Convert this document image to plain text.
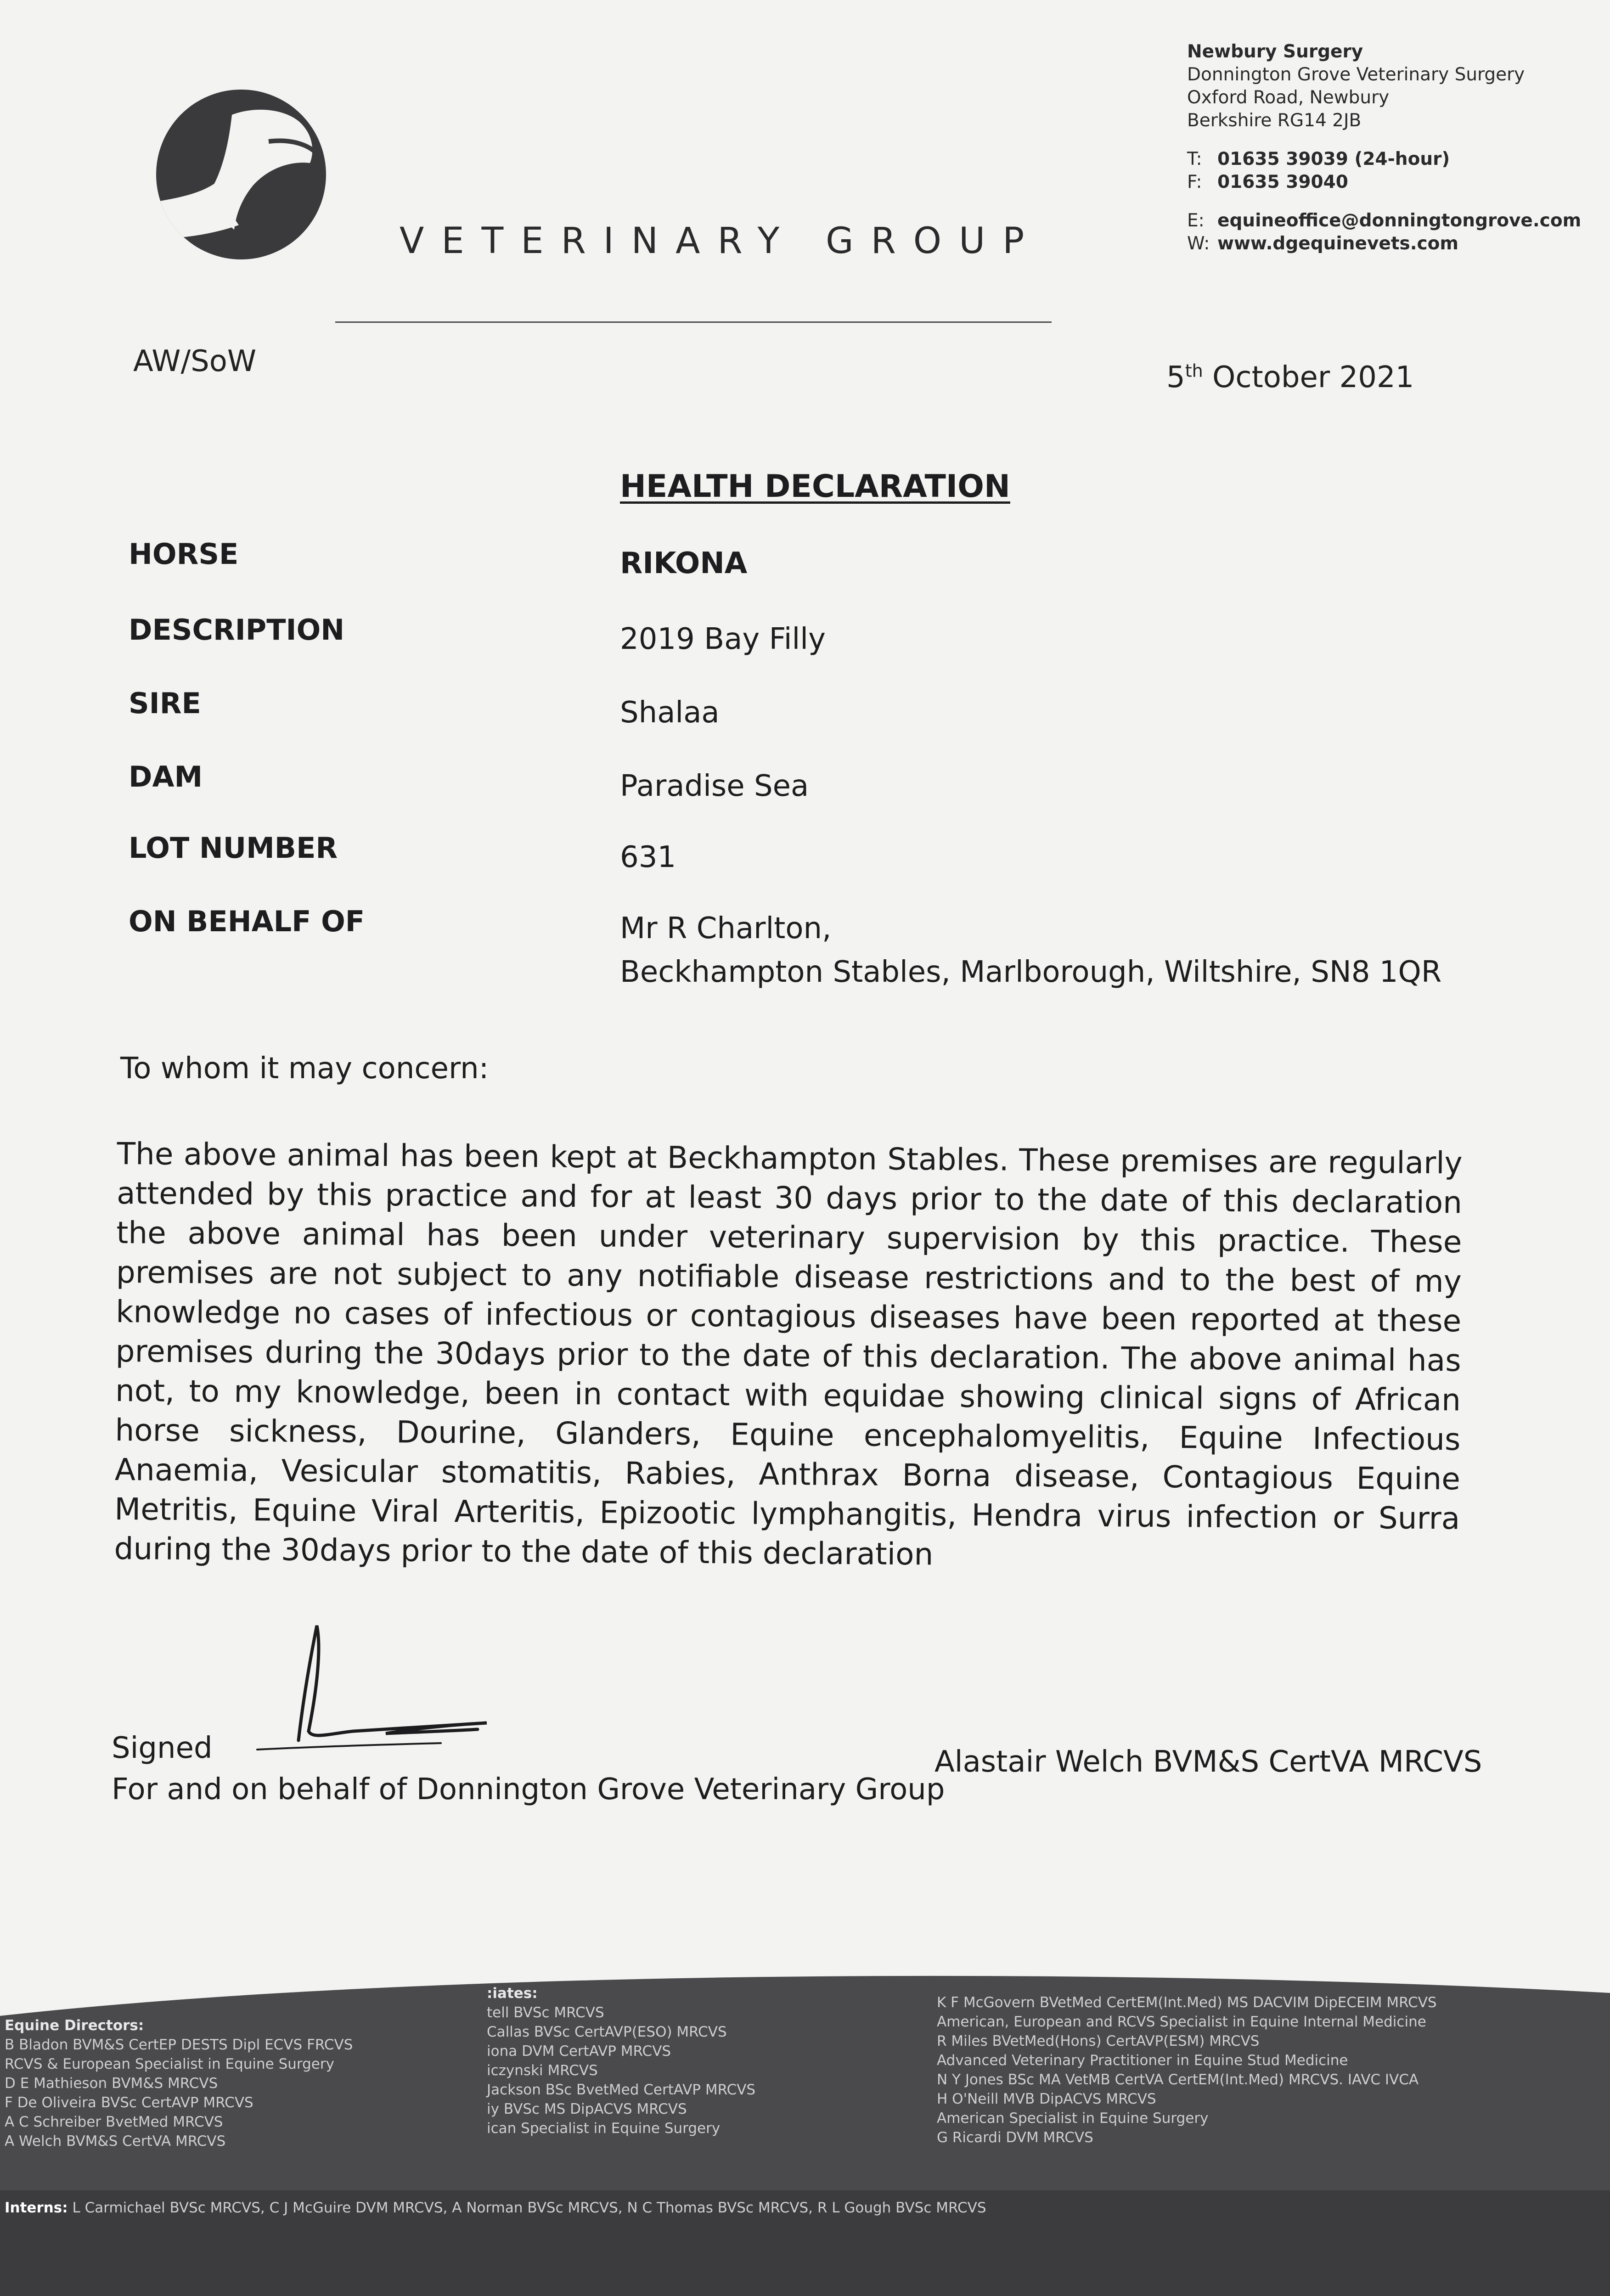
VETERINARY GROUP
Newbury Surgery
Donnington Grove Veterinary Surgery
Oxford Road, Newbury
Berkshire RG14 2JB
T: 01635 39039 (24-hour)
F: 01635 39040
E: equineoffice@donningtongrove.com
W: www.dgequinevets.com
AW/SoW	5th October 2021
HEALTH DECLARATION
HORSE	RIKONA
DESCRIPTION	2019 Bay Filly
SIRE	Shalaa
DAM	Paradise Sea
LOT NUMBER	631
ON BEHALF OF	Mr R Charlton,
Beckhampton Stables, Marlborough, Wiltshire, SN8 1QR
To whom it may concern:
The above animal has been kept at Beckhampton Stables. These premises are regularly attended by this practice and for at least 30 days prior to the date of this declaration the above animal has been under veterinary supervision by this practice. These premises are not subject to any notifiable disease restrictions and to the best of my knowledge no cases of infectious or contagious diseases have been reported at these premises during the 30days prior to the date of this declaration. The above animal has not, to my knowledge, been in contact with equidae showing clinical signs of African horse sickness, Dourine, Glanders, Equine encephalomyelitis, Equine Infectious Anaemia, Vesicular stomatitis, Rabies, Anthrax Borna disease, Contagious Equine Metritis, Equine Viral Arteritis, Epizootic lymphangitis, Hendra virus infection or Surra during the 30days prior to the date of this declaration
Signed
For and on behalf of Donnington Grove Veterinary Group
Alastair Welch BVM&S CertVA MRCVS
Equine Directors:
B Bladon BVM&S CertEP DESTS Dipl ECVS FRCVS
RCVS & European Specialist in Equine Surgery
D E Mathieson BVM&S MRCVS
F De Oliveira BVSc CertAVP MRCVS
A C Schreiber BvetMed MRCVS
A Welch BVM&S CertVA MRCVS
:iates:
tell BVSc MRCVS
Callas BVSc CertAVP(ESO) MRCVS
iona DVM CertAVP MRCVS
iczynski MRCVS
Jackson BSc BvetMed CertAVP MRCVS
iy BVSc MS DipACVS MRCVS
ican Specialist in Equine Surgery
K F McGovern BVetMed CertEM(Int.Med) MS DACVIM DipECEIM MRCVS
American, European and RCVS Specialist in Equine Internal Medicine
R Miles BVetMed(Hons) CertAVP(ESM) MRCVS
Advanced Veterinary Practitioner in Equine Stud Medicine
N Y Jones BSc MA VetMB CertVA CertEM(Int.Med) MRCVS. IAVC IVCA
H O'Neill MVB DipACVS MRCVS
American Specialist in Equine Surgery
G Ricardi DVM MRCVS
Interns: L Carmichael BVSc MRCVS, C J McGuire DVM MRCVS, A Norman BVSc MRCVS, N C Thomas BVSc MRCVS, R L Gough BVSc MRCVS
